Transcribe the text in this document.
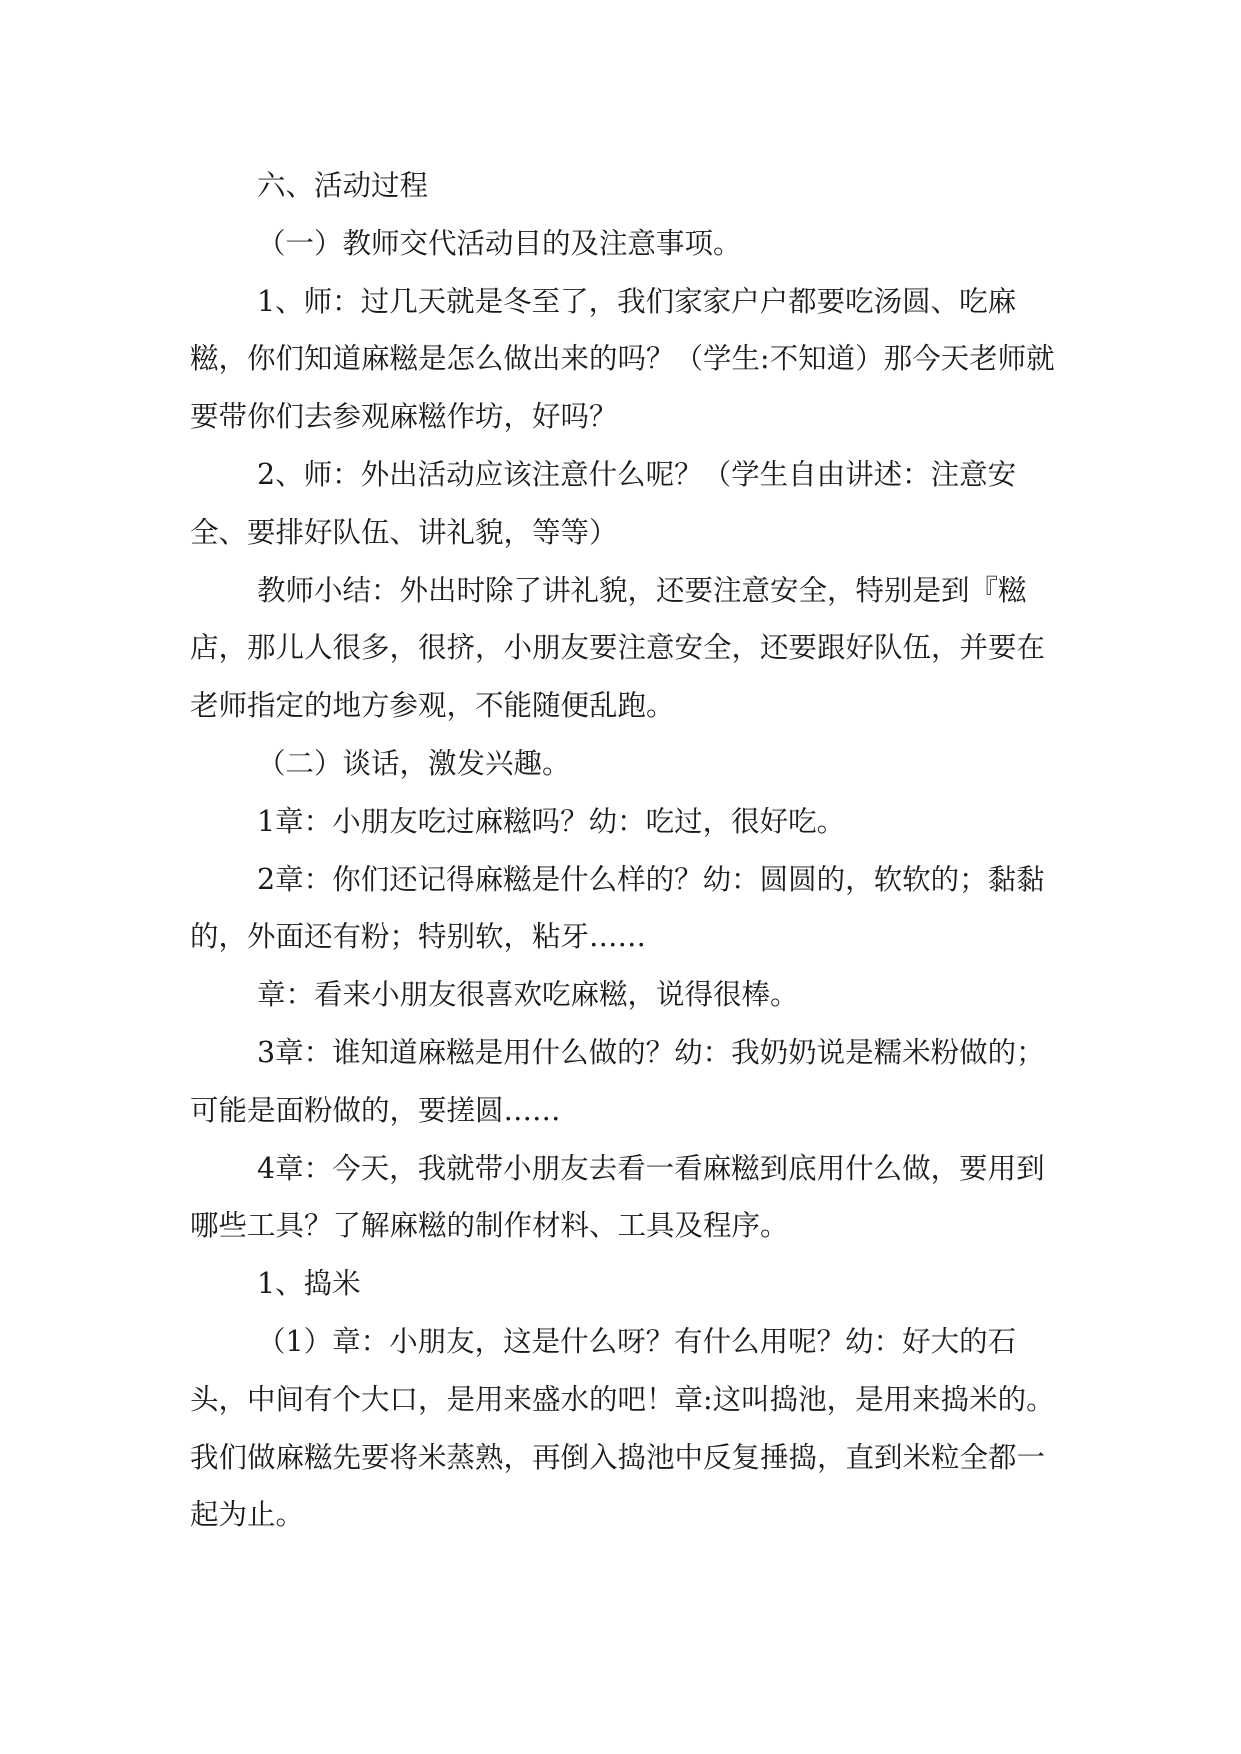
六、活动过程

（一）教师交代活动目的及注意事项。

1、师：过几天就是冬至了，我们家家户户都要吃汤圆、吃麻糍，你们知道麻糍是怎么做出来的吗？（学生:不知道）那今天老师就要带你们去参观麻糍作坊，好吗？

2、师：外出活动应该注意什么呢？（学生自由讲述：注意安全、要排好队伍、讲礼貌，等等）

教师小结：外出时除了讲礼貌，还要注意安全，特别是到『糍店，那儿人很多，很挤，小朋友要注意安全，还要跟好队伍，并要在老师指定的地方参观，不能随便乱跑。

（二）谈话，激发兴趣。

1章：小朋友吃过麻糍吗？幼：吃过，很好吃。

2章：你们还记得麻糍是什么样的？幼：圆圆的，软软的；黏黏的，外面还有粉；特别软，粘牙……

章：看来小朋友很喜欢吃麻糍，说得很棒。

3章：谁知道麻糍是用什么做的？幼：我奶奶说是糯米粉做的；可能是面粉做的，要搓圆……

4章：今天，我就带小朋友去看一看麻糍到底用什么做，要用到哪些工具？了解麻糍的制作材料、工具及程序。

1、捣米

（1）章：小朋友，这是什么呀？有什么用呢？幼：好大的石头，中间有个大口，是用来盛水的吧！章:这叫捣池，是用来捣米的。我们做麻糍先要将米蒸熟，再倒入捣池中反复捶捣，直到米粒全都一起为止。
